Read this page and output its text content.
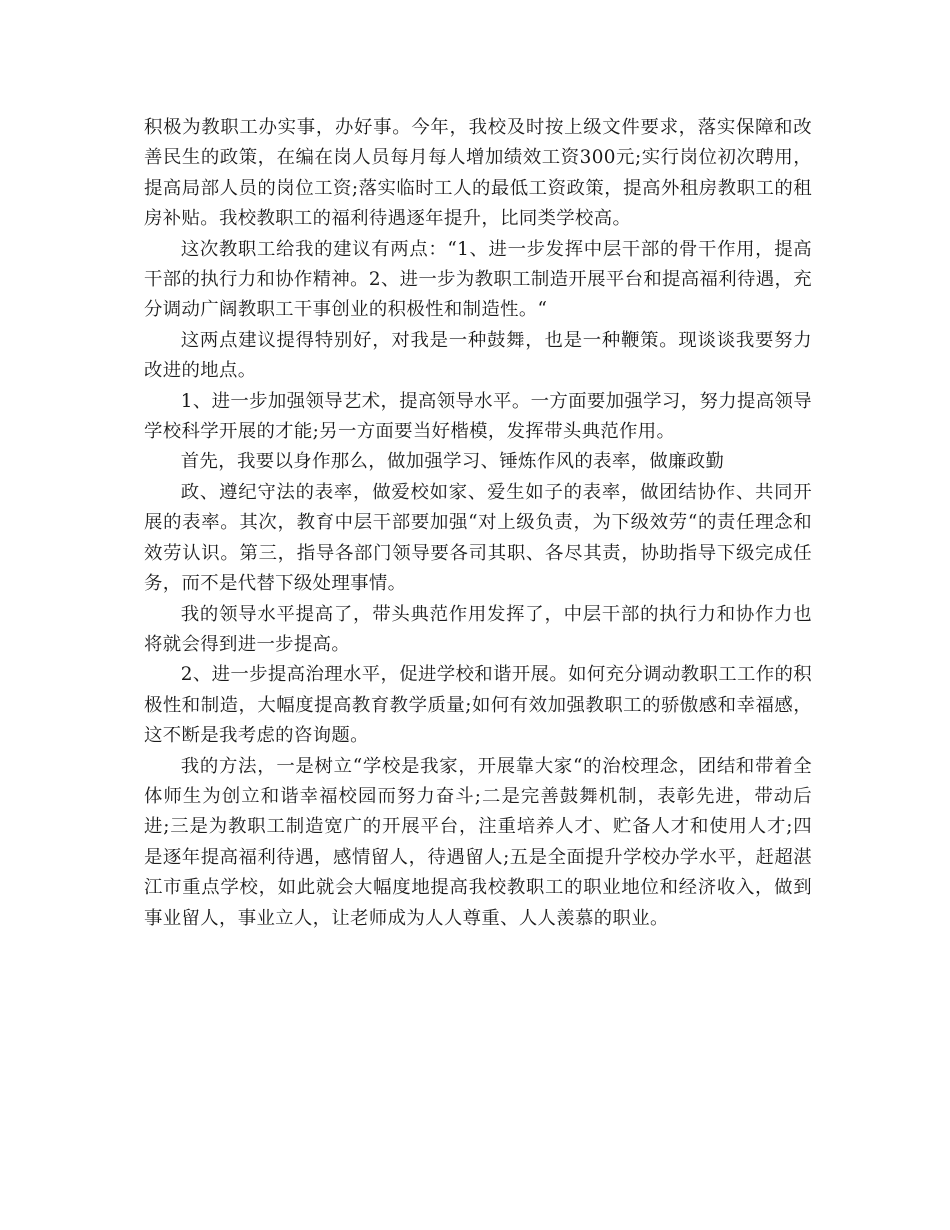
积极为教职工办实事，办好事。今年，我校及时按上级文件要求，落实保障和改善民生的政策，在编在岗人员每月每人增加绩效工资300元;实行岗位初次聘用，提高局部人员的岗位工资;落实临时工人的最低工资政策，提高外租房教职工的租房补贴。我校教职工的福利待遇逐年提升，比同类学校高。

这次教职工给我的建议有两点：“1、进一步发挥中层干部的骨干作用，提高干部的执行力和协作精神。2、进一步为教职工制造开展平台和提高福利待遇，充分调动广阔教职工干事创业的积极性和制造性。“

这两点建议提得特别好，对我是一种鼓舞，也是一种鞭策。现谈谈我要努力改进的地点。

1、进一步加强领导艺术，提高领导水平。一方面要加强学习，努力提高领导学校科学开展的才能;另一方面要当好楷模，发挥带头典范作用。

首先，我要以身作那么，做加强学习、锤炼作风的表率，做廉政勤

政、遵纪守法的表率，做爱校如家、爱生如子的表率，做团结协作、共同开展的表率。其次，教育中层干部要加强“对上级负责，为下级效劳“的责任理念和效劳认识。第三，指导各部门领导要各司其职、各尽其责，协助指导下级完成任务，而不是代替下级处理事情。

我的领导水平提高了，带头典范作用发挥了，中层干部的执行力和协作力也将就会得到进一步提高。

2、进一步提高治理水平，促进学校和谐开展。如何充分调动教职工工作的积极性和制造，大幅度提高教育教学质量;如何有效加强教职工的骄傲感和幸福感，这不断是我考虑的咨询题。

我的方法，一是树立“学校是我家，开展靠大家“的治校理念，团结和带着全体师生为创立和谐幸福校园而努力奋斗;二是完善鼓舞机制，表彰先进，带动后进;三是为教职工制造宽广的开展平台，注重培养人才、贮备人才和使用人才;四是逐年提高福利待遇，感情留人，待遇留人;五是全面提升学校办学水平，赶超湛江市重点学校，如此就会大幅度地提高我校教职工的职业地位和经济收入，做到事业留人，事业立人，让老师成为人人尊重、人人羡慕的职业。
